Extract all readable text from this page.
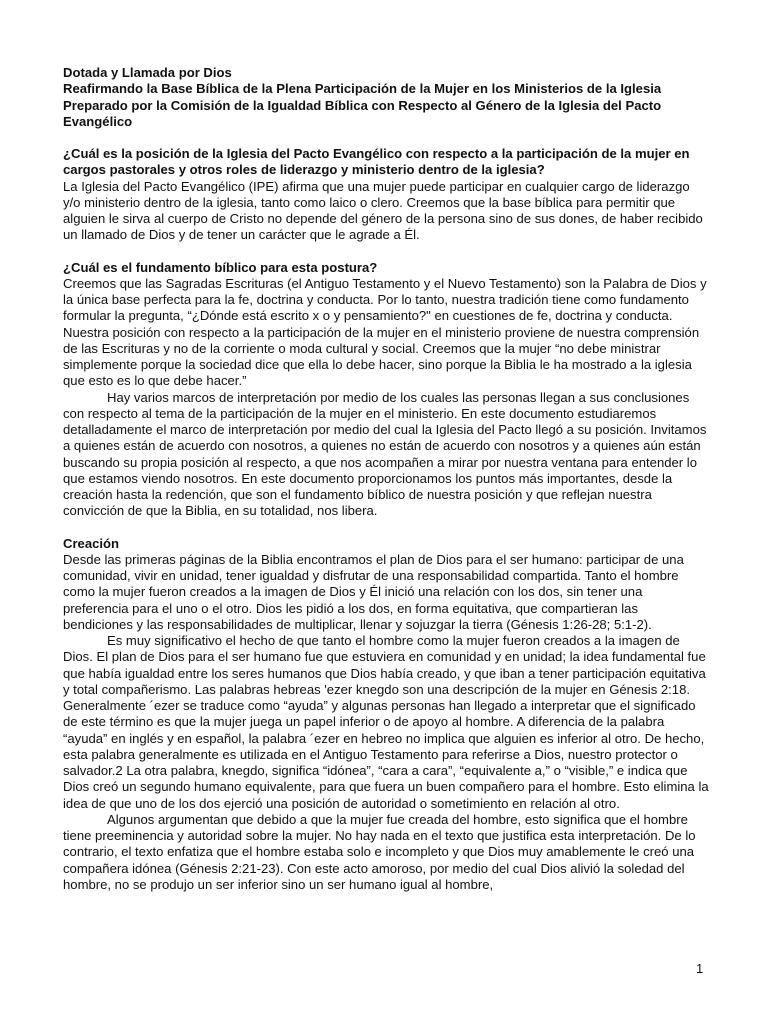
Dotada y Llamada por Dios
Reafirmando la Base Bíblica de la Plena Participación de la Mujer en los Ministerios de la Iglesia
Preparado por la Comisión de la Igualdad Bíblica con Respecto al Género de la Iglesia del Pacto Evangélico
¿Cuál es la posición de la Iglesia del Pacto Evangélico con respecto a la participación de la mujer en cargos pastorales y otros roles de liderazgo y ministerio dentro de la iglesia?

La Iglesia del Pacto Evangélico (IPE) afirma que una mujer puede participar en cualquier cargo de liderazgo y/o ministerio dentro de la iglesia, tanto como laico o clero. Creemos que la base bíblica para permitir que alguien le sirva al cuerpo de Cristo no depende del género de la persona sino de sus dones, de haber recibido un llamado de Dios y de tener un carácter que le agrade a Él.

¿Cuál es el fundamento bíblico para esta postura?

Creemos que las Sagradas Escrituras (el Antiguo Testamento y el Nuevo Testamento) son la Palabra de Dios y la única base perfecta para la fe, doctrina y conducta. Por lo tanto, nuestra tradición tiene como fundamento formular la pregunta, “¿Dónde está escrito x o y pensamiento?" en cuestiones de fe, doctrina y conducta. Nuestra posición con respecto a la participación de la mujer en el ministerio proviene de nuestra comprensión de las Escrituras y no de la corriente o moda cultural y social. Creemos que la mujer “no debe ministrar simplemente porque la sociedad dice que ella lo debe hacer, sino porque la Biblia le ha mostrado a la iglesia que esto es lo que debe hacer.”

Hay varios marcos de interpretación por medio de los cuales las personas llegan a sus conclusiones con respecto al tema de la participación de la mujer en el ministerio. En este documento estudiaremos detalladamente el marco de interpretación por medio del cual la Iglesia del Pacto llegó a su posición. Invitamos a quienes están de acuerdo con nosotros, a quienes no están de acuerdo con nosotros y a quienes aún están buscando su propia posición al respecto, a que nos acompañen a mirar por nuestra ventana para entender lo que estamos viendo nosotros. En este documento proporcionamos los puntos más importantes, desde la creación hasta la redención, que son el fundamento bíblico de nuestra posición y que reflejan nuestra convicción de que la Biblia, en su totalidad, nos libera.

Creación

Desde las primeras páginas de la Biblia encontramos el plan de Dios para el ser humano: participar de una comunidad, vivir en unidad, tener igualdad y disfrutar de una responsabilidad compartida. Tanto el hombre como la mujer fueron creados a la imagen de Dios y Él inició una relación con los dos, sin tener una preferencia para el uno o el otro. Dios les pidió a los dos, en forma equitativa, que compartieran las bendiciones y las responsabilidades de multiplicar, llenar y sojuzgar la tierra (Génesis 1:26-28; 5:1-2).

Es muy significativo el hecho de que tanto el hombre como la mujer fueron creados a la imagen de Dios. El plan de Dios para el ser humano fue que estuviera en comunidad y en unidad; la idea fundamental fue que había igualdad entre los seres humanos que Dios había creado, y que iban a tener participación equitativa y total compañerismo. Las palabras hebreas 'ezer knegdo son una descripción de la mujer en Génesis 2:18. Generalmente ´ezer se traduce como “ayuda” y algunas personas han llegado a interpretar que el significado de este término es que la mujer juega un papel inferior o de apoyo al hombre. A diferencia de la palabra “ayuda” en inglés y en español, la palabra ´ezer en hebreo no implica que alguien es inferior al otro. De hecho, esta palabra generalmente es utilizada en el Antiguo Testamento para referirse a Dios, nuestro protector o salvador.2 La otra palabra, knegdo, significa “idónea”, “cara a cara”, “equivalente a,” o “visible,” e indica que Dios creó un segundo humano equivalente, para que fuera un buen compañero para el hombre. Esto elimina la idea de que uno de los dos ejerció una posición de autoridad o sometimiento en relación al otro.

Algunos argumentan que debido a que la mujer fue creada del hombre, esto significa que el hombre tiene preeminencia y autoridad sobre la mujer. No hay nada en el texto que justifica esta interpretación. De lo contrario, el texto enfatiza que el hombre estaba solo e incompleto y que Dios muy amablemente le creó una compañera idónea (Génesis 2:21-23). Con este acto amoroso, por medio del cual Dios alivió la soledad del hombre, no se produjo un ser inferior sino un ser humano igual al hombre,

1
